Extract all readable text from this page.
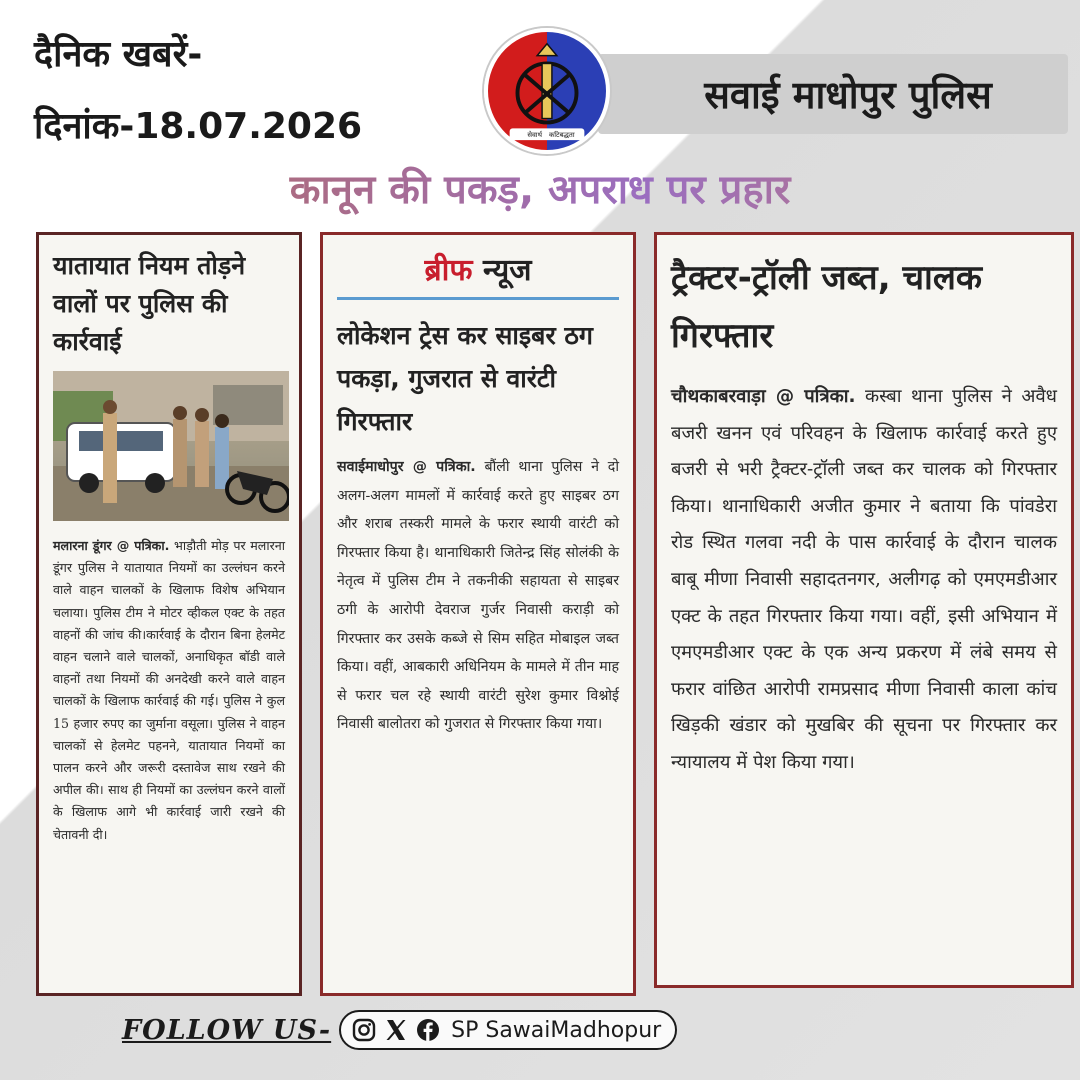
दैनिक खबरें-
दिनांक-18.07.2026
सवाई माधोपुर पुलिस
सेवार्थ कटिबद्धता
कानून की पकड़, अपराध पर प्रहार
यातायात नियम तोड़ने वालों पर पुलिस की कार्रवाई
मलारना डूंगर @ पत्रिका. भाड़ौती मोड़ पर मलारना डूंगर पुलिस ने यातायात नियमों का उल्लंघन करने वाले वाहन चालकों के खिलाफ विशेष अभियान चलाया। पुलिस टीम ने मोटर व्हीकल एक्ट के तहत वाहनों की जांच की।कार्रवाई के दौरान बिना हेलमेट वाहन चलाने वाले चालकों, अनाधिकृत बॉडी वाले वाहनों तथा नियमों की अनदेखी करने वाले वाहन चालकों के खिलाफ कार्रवाई की गई। पुलिस ने कुल 15 हजार रुपए का जुर्माना वसूला। पुलिस ने वाहन चालकों से हेलमेट पहनने, यातायात नियमों का पालन करने और जरूरी दस्तावेज साथ रखने की अपील की। साथ ही नियमों का उल्लंघन करने वालों के खिलाफ आगे भी कार्रवाई जारी रखने की चेतावनी दी।
ब्रीफ न्यूज
लोकेशन ट्रेस कर साइबर ठग पकड़ा, गुजरात से वारंटी गिरफ्तार
सवाईमाधोपुर @ पत्रिका. बौंली थाना पुलिस ने दो अलग-अलग मामलों में कार्रवाई करते हुए साइबर ठग और शराब तस्करी मामले के फरार स्थायी वारंटी को गिरफ्तार किया है। थानाधिकारी जितेन्द्र सिंह सोलंकी के नेतृत्व में पुलिस टीम ने तकनीकी सहायता से साइबर ठगी के आरोपी देवराज गुर्जर निवासी कराड़ी को गिरफ्तार कर उसके कब्जे से सिम सहित मोबाइल जब्त किया। वहीं, आबकारी अधिनियम के मामले में तीन माह से फरार चल रहे स्थायी वारंटी सुरेश कुमार विश्नोई निवासी बालोतरा को गुजरात से गिरफ्तार किया गया।
ट्रैक्टर-ट्रॉली जब्त, चालक गिरफ्तार
चौथकाबरवाड़ा @ पत्रिका. कस्बा थाना पुलिस ने अवैध बजरी खनन एवं परिवहन के खिलाफ कार्रवाई करते हुए बजरी से भरी ट्रैक्टर-ट्रॉली जब्त कर चालक को गिरफ्तार किया। थानाधिकारी अजीत कुमार ने बताया कि पांवडेरा रोड स्थित गलवा नदी के पास कार्रवाई के दौरान चालक बाबू मीणा निवासी सहादतनगर, अलीगढ़ को एमएमडीआर एक्ट के तहत गिरफ्तार किया गया। वहीं, इसी अभियान में एमएमडीआर एक्ट के एक अन्य प्रकरण में लंबे समय से फरार वांछित आरोपी रामप्रसाद मीणा निवासी काला कांच खिड़की खंडार को मुखबिर की सूचना पर गिरफ्तार कर न्यायालय में पेश किया गया।
FOLLOW US-	SP SawaiMadhopur
